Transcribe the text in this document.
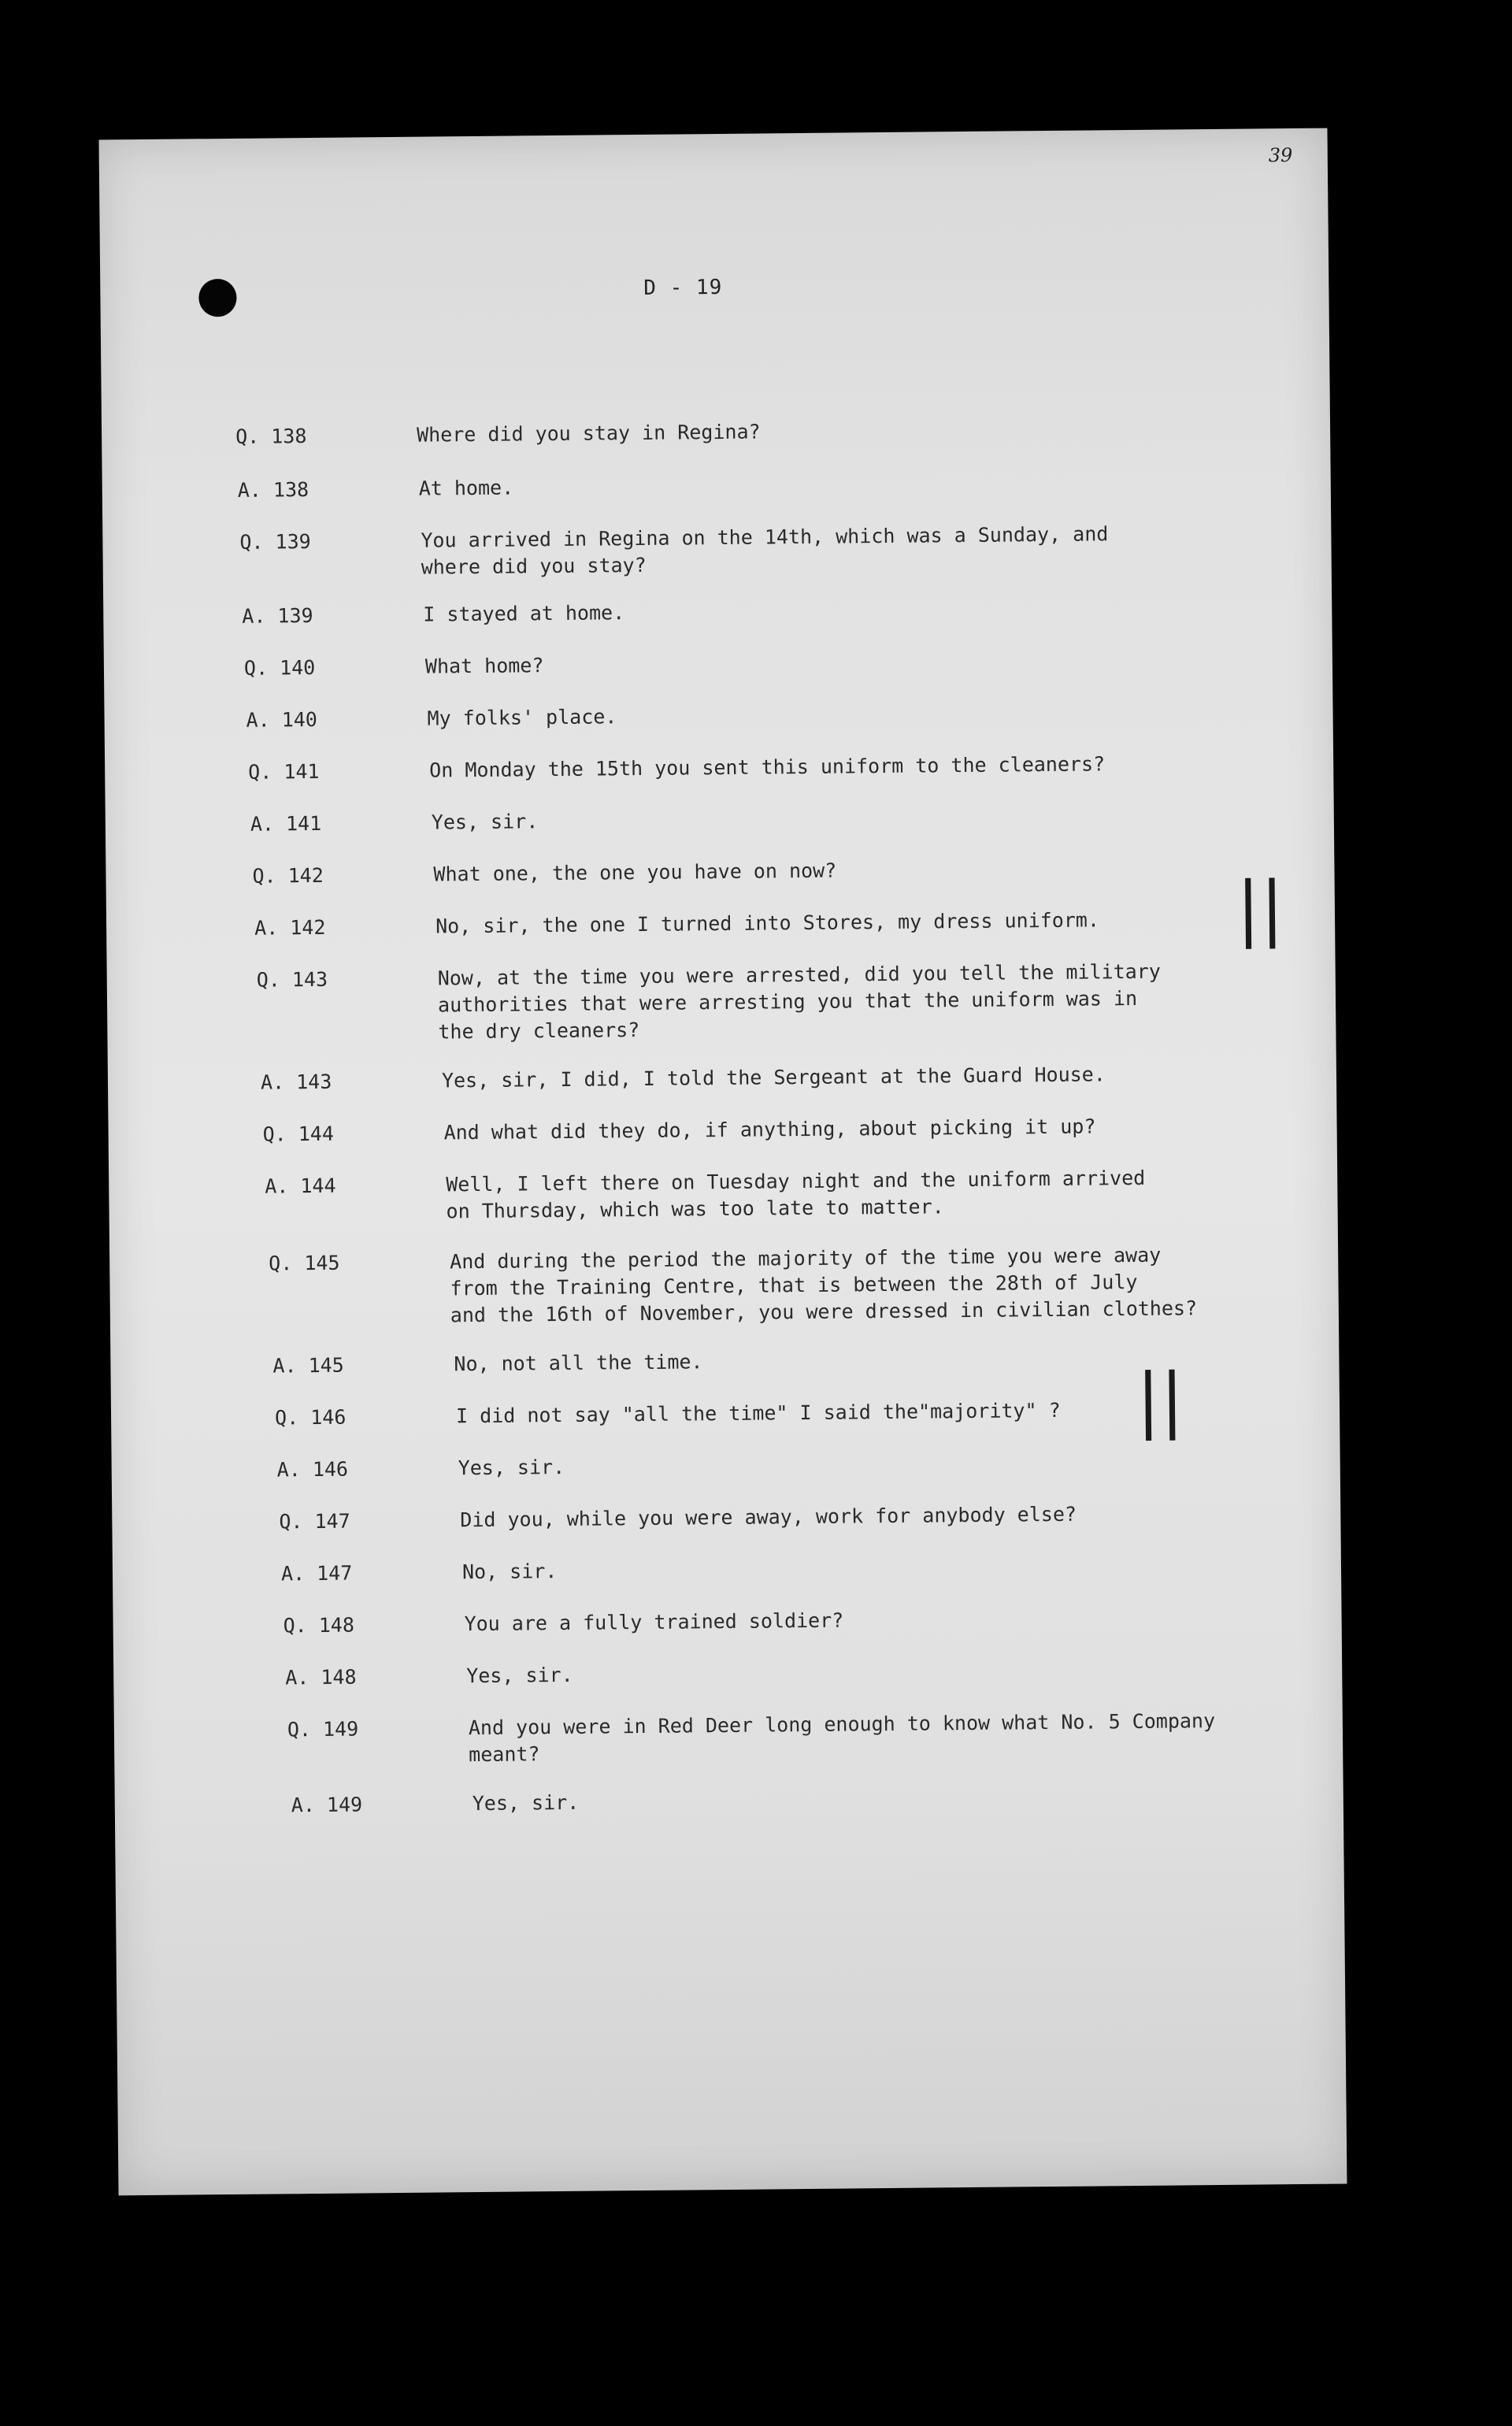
39
D - 19
Q. 138	Where did you stay in Regina?
A. 138	At home.
Q. 139	You arrived in Regina on the 14th, which was a Sunday, and
where did you stay?
A. 139	I stayed at home.
Q. 140	What home?
A. 140	My folks' place.
Q. 141	On Monday the 15th you sent this uniform to the cleaners?
A. 141	Yes, sir.
Q. 142	What one, the one you have on now?
A. 142	No, sir, the one I turned into Stores, my dress uniform.
Q. 143	Now, at the time you were arrested, did you tell the military
authorities that were arresting you that the uniform was in
the dry cleaners?
A. 143	Yes, sir, I did, I told the Sergeant at the Guard House.
Q. 144	And what did they do, if anything, about picking it up?
A. 144	Well, I left there on Tuesday night and the uniform arrived
on Thursday, which was too late to matter.
Q. 145	And during the period the majority of the time you were away
from the Training Centre, that is between the 28th of July
and the 16th of November, you were dressed in civilian clothes?
A. 145	No, not all the time.
Q. 146	I did not say "all the time" I said the"majority" ?
A. 146	Yes, sir.
Q. 147	Did you, while you were away, work for anybody else?
A. 147	No, sir.
Q. 148	You are a fully trained soldier?
A. 148	Yes, sir.
Q. 149	And you were in Red Deer long enough to know what No. 5 Company
meant?
A. 149	Yes, sir.
||
||
